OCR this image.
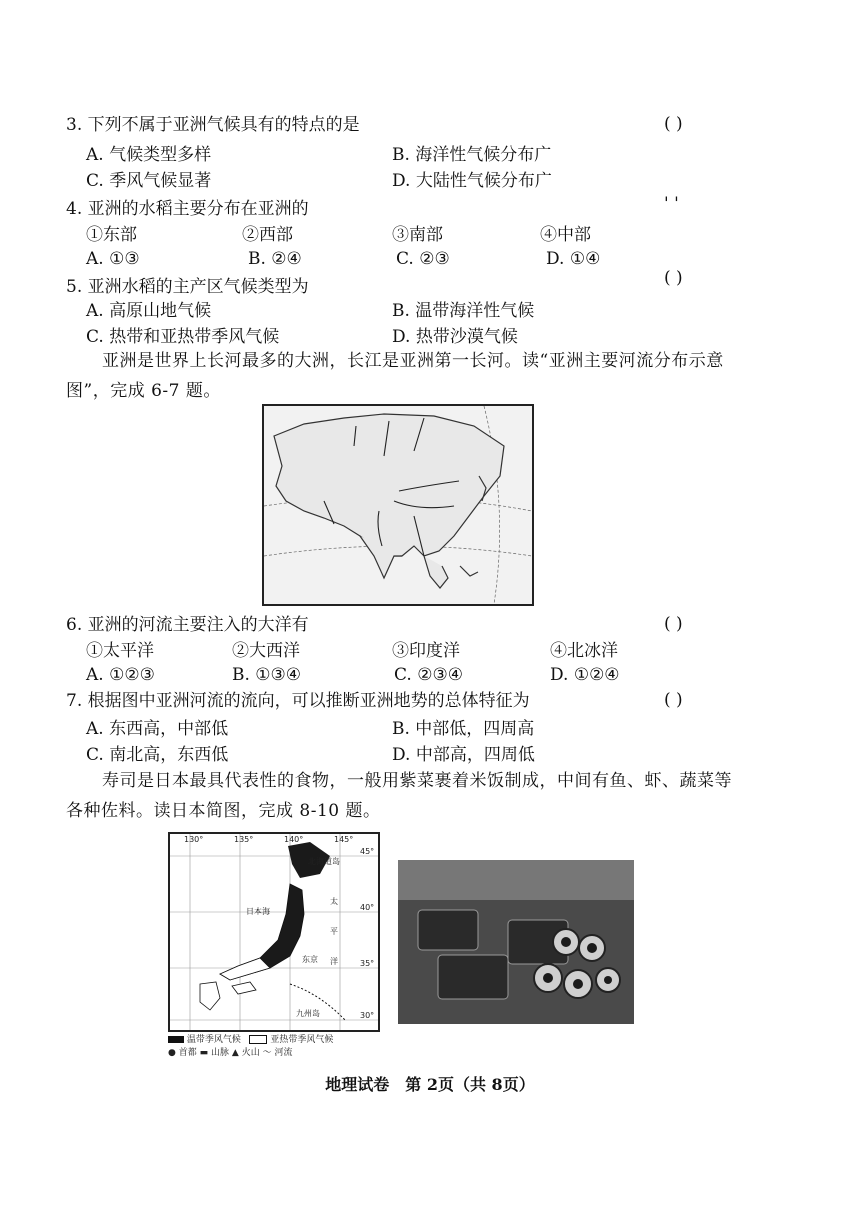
3. 下列不属于亚洲气候具有的特点的是	( )
A. 气候类型多样	B. 海洋性气候分布广
C. 季风气候显著	D. 大陆性气候分布广
4. 亚洲的水稻主要分布在亚洲的	' '
①东部	②西部	③南部	④中部
A. ①③	B. ②④	C. ②③	D. ①④
5. 亚洲水稻的主产区气候类型为	( )
A. 高原山地气候	B. 温带海洋性气候
C. 热带和亚热带季风气候	D. 热带沙漠气候
亚洲是世界上长河最多的大洲，长江是亚洲第一长河。读“亚洲主要河流分布示意图”，完成 6-7 题。
6. 亚洲的河流主要注入的大洋有	( )
①太平洋	②大西洋	③印度洋	④北冰洋
A. ①②③	B. ①③④	C. ②③④	D. ①②④
7. 根据图中亚洲河流的流向，可以推断亚洲地势的总体特征为	( )
A. 东西高，中部低	B. 中部低，四周高
C. 南北高，东西低	D. 中部高，四周低
寿司是日本最具代表性的食物，一般用紫菜裹着米饭制成，中间有鱼、虾、蔬菜等各种佐料。读日本简图，完成 8-10 题。
130°	135°	140°	145°
45°
40°
35°
30°
北海道岛
日本海
太
平
洋
东京
九州岛
温带季风气候	亚热带季风气候
● 首都 ▬ 山脉 ▲ 火山 ～ 河流
地理试卷　第 2页（共 8页）
